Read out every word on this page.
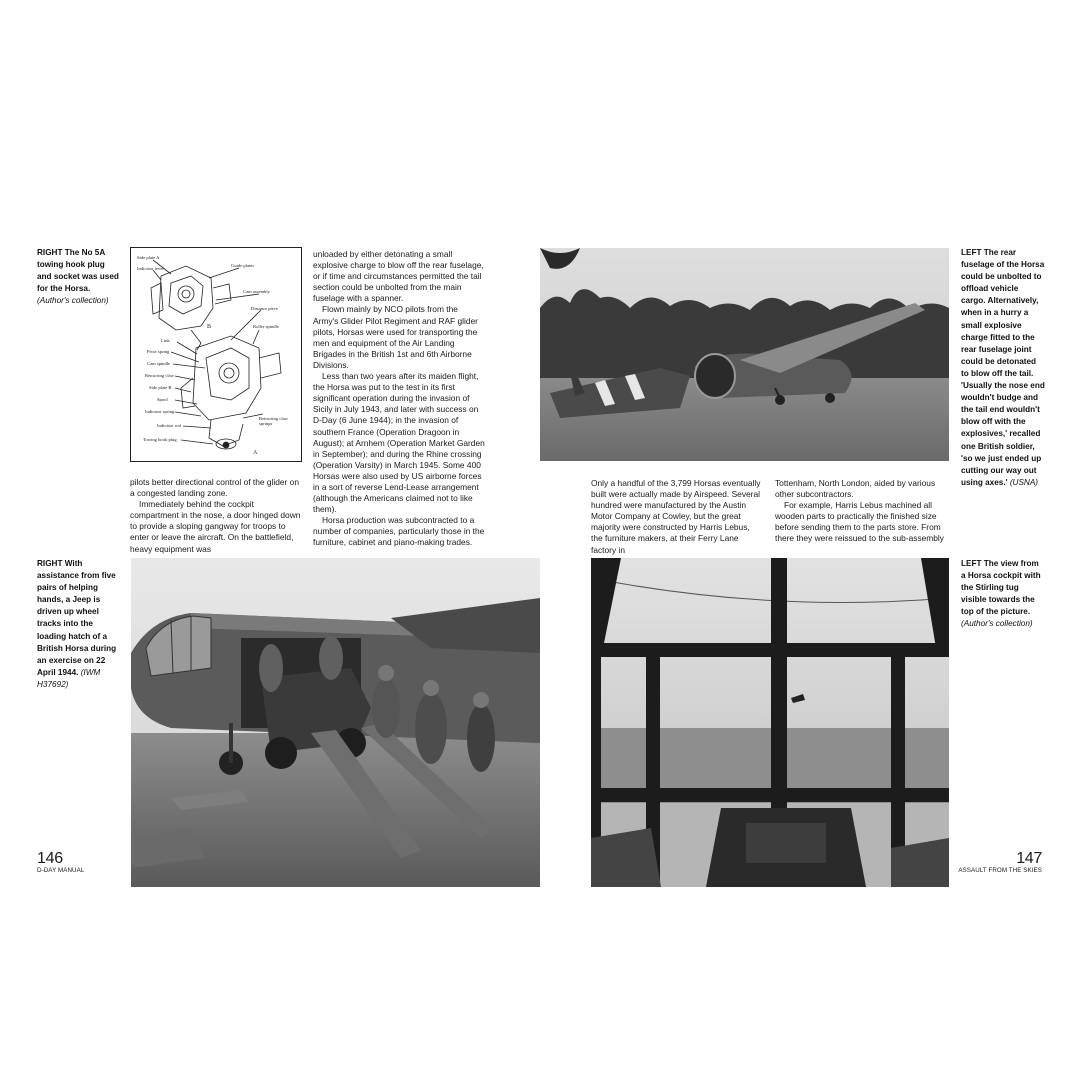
RIGHT The No 5A towing hook plug and socket was used for the Horsa. (Author's collection)
Side plate A
Indicator lever
Guide plates
Cam assembly
Distance piece
Roller spindle
B
Link
Pivot spring
Cam spindle
Retracting claw
Side plate B
Spool
Indicator spring
Indicator rod
Retracting claw springs
Towing hook plug
A

pilots better directional control of the glider on a congested landing zone.

Immediately behind the cockpit compartment in the nose, a door hinged down to provide a sloping gangway for troops to enter or leave the aircraft. On the battlefield, heavy equipment was

unloaded by either detonating a small explosive charge to blow off the rear fuselage, or if time and circumstances permitted the tail section could be unbolted from the main fuselage with a spanner.

Flown mainly by NCO pilots from the Army's Glider Pilot Regiment and RAF glider pilots, Horsas were used for transporting the men and equipment of the Air Landing Brigades in the British 1st and 6th Airborne Divisions.

Less than two years after its maiden flight, the Horsa was put to the test in its first significant operation during the invasion of Sicily in July 1943, and later with success on D-Day (6 June 1944); in the invasion of southern France (Operation Dragoon in August); at Arnhem (Operation Market Garden in September); and during the Rhine crossing (Operation Varsity) in March 1945. Some 400 Horsas were also used by US airborne forces in a sort of reverse Lend-Lease arrangement (although the Americans claimed not to like them).

Horsa production was subcontracted to a number of companies, particularly those in the furniture, cabinet and piano-making trades.

RIGHT With assistance from five pairs of helping hands, a Jeep is driven up wheel tracks into the loading hatch of a British Horsa during an exercise on 22 April 1944. (IWM H37692)
146
D-DAY MANUAL
LEFT The rear fuselage of the Horsa could be unbolted to offload vehicle cargo. Alternatively, when in a hurry a small explosive charge fitted to the rear fuselage joint could be detonated to blow off the tail. 'Usually the nose end wouldn't budge and the tail end wouldn't blow off with the explosives,' recalled one British soldier, 'so we just ended up cutting our way out using axes.' (USNA)

Only a handful of the 3,799 Horsas eventually built were actually made by Airspeed. Several hundred were manufactured by the Austin Motor Company at Cowley, but the great majority were constructed by Harris Lebus, the furniture makers, at their Ferry Lane factory in

Tottenham, North London, aided by various other subcontractors.

For example, Harris Lebus machined all wooden parts to practically the finished size before sending them to the parts store. From there they were reissued to the sub-assembly

LEFT The view from a Horsa cockpit with the Stirling tug visible towards the top of the picture. (Author's collection)
147
ASSAULT FROM THE SKIES
